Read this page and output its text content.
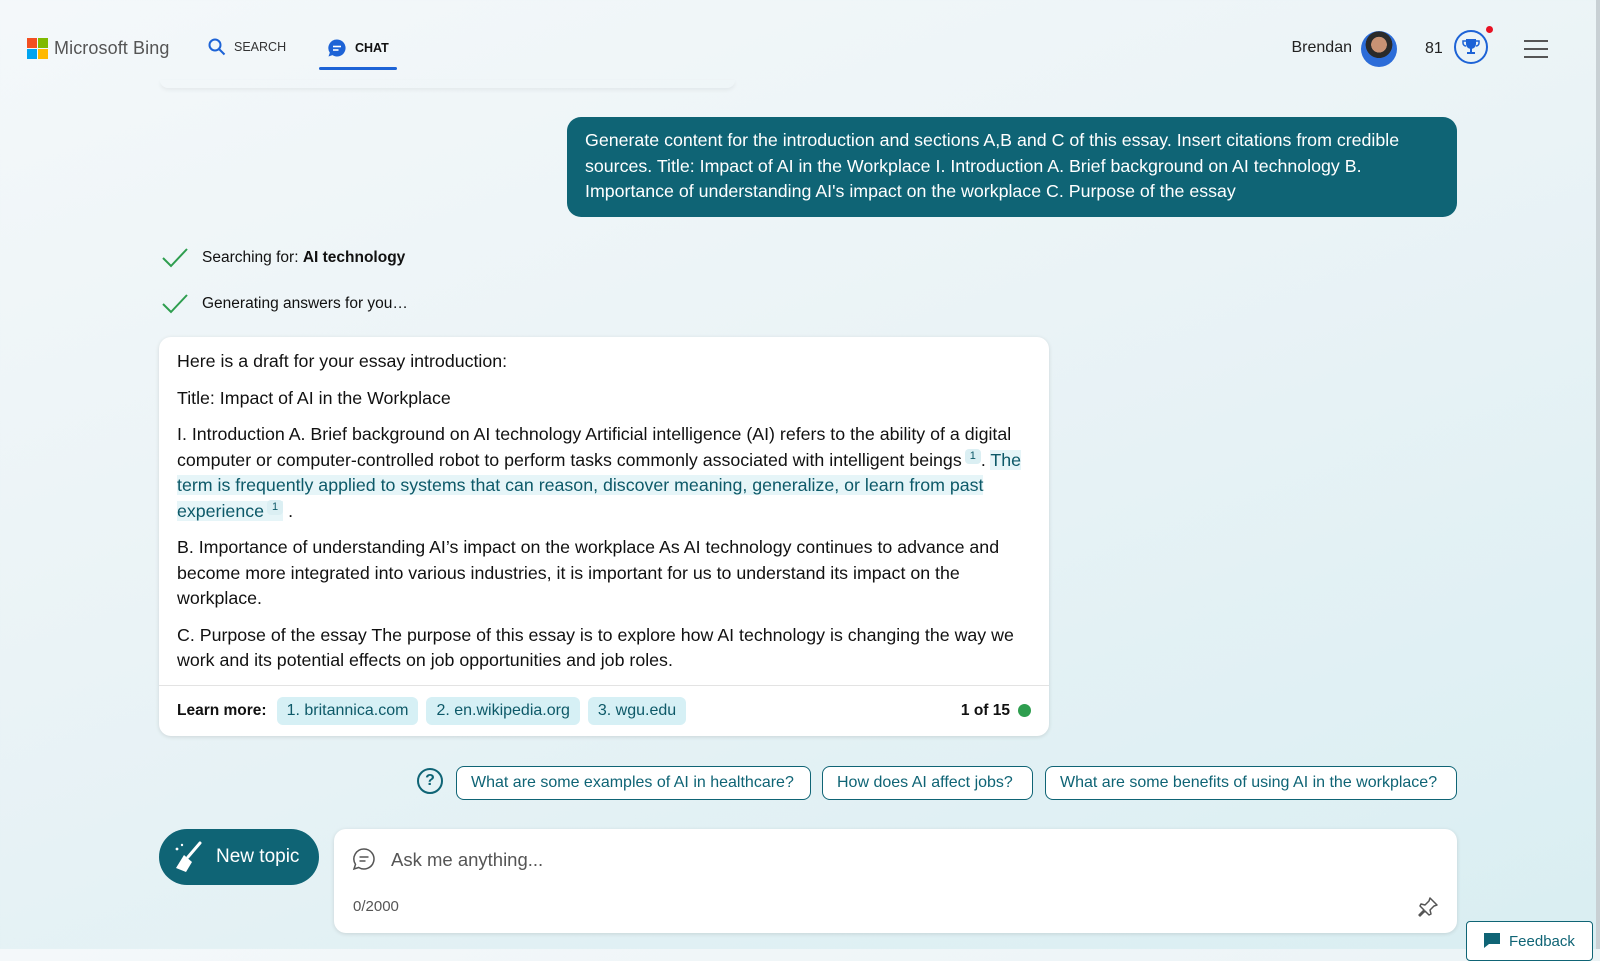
Microsoft Bing	SEARCH	CHAT	Brendan	81
Generate content for the introduction and sections A,B and C of this essay. Insert citations from credible sources. Title: Impact of AI in the Workplace I. Introduction A. Brief background on AI technology B. Importance of understanding AI's impact on the workplace C. Purpose of the essay
Searching for: AI technology
Generating answers for you…

Here is a draft for your essay introduction:

Title: Impact of AI in the Workplace

I. Introduction A. Brief background on AI technology Artificial intelligence (AI) refers to the ability of a digital computer or computer-controlled robot to perform tasks commonly associated with intelligent beings 1 . The term is frequently applied to systems that can reason, discover meaning, generalize, or learn from past experience 1 .

B. Importance of understanding AI’s impact on the workplace As AI technology continues to advance and become more integrated into various industries, it is important for us to understand its impact on the workplace.

C. Purpose of the essay The purpose of this essay is to explore how AI technology is changing the way we work and its potential effects on job opportunities and job roles.

Learn more:	1. britannica.com	2. en.wikipedia.org	3. wgu.edu	1 of 15
?	What are some examples of AI in healthcare?	How does AI affect jobs?	What are some benefits of using AI in the workplace?
New topic
Ask me anything...
0/2000
Feedback
